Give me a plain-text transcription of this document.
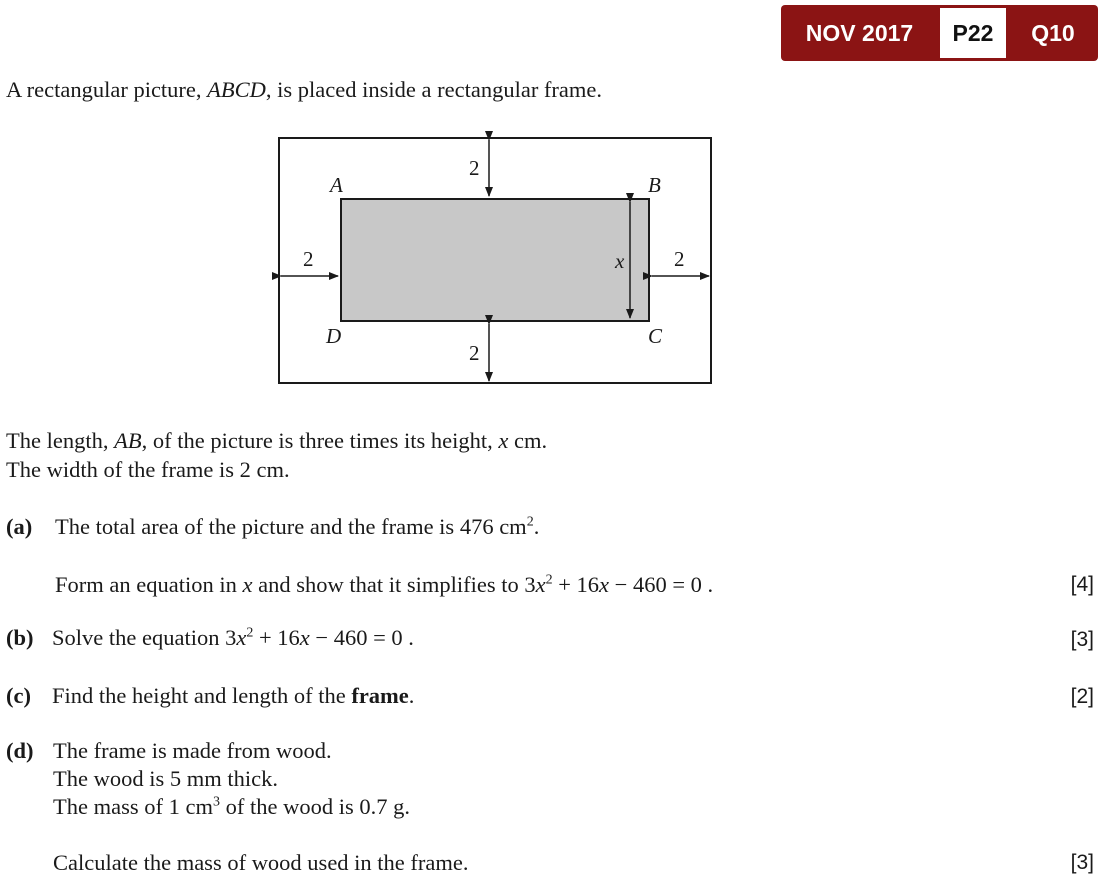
NOV 2017	P22	Q10
A rectangular picture, ABCD, is placed inside a rectangular frame.
2
2
2	2
x
A	B
C
D
The length, AB, of the picture is three times its height, x cm.
The width of the frame is 2 cm.
(a) The total area of the picture and the frame is 476 $cm^2$.
Form an equation in x and show that it simplifies to $3x^2 + 16x - 460 = 0$ .	[4]
(b) Solve the equation $3x^2 + 16x - 460 = 0$ .	[3]
(c) Find the height and length of the frame.	[2]
(d) The frame is made from wood.
The wood is 5 mm thick.
The mass of 1 $cm^3$ of the wood is 0.7 g.
Calculate the mass of wood used in the frame.	[3]
